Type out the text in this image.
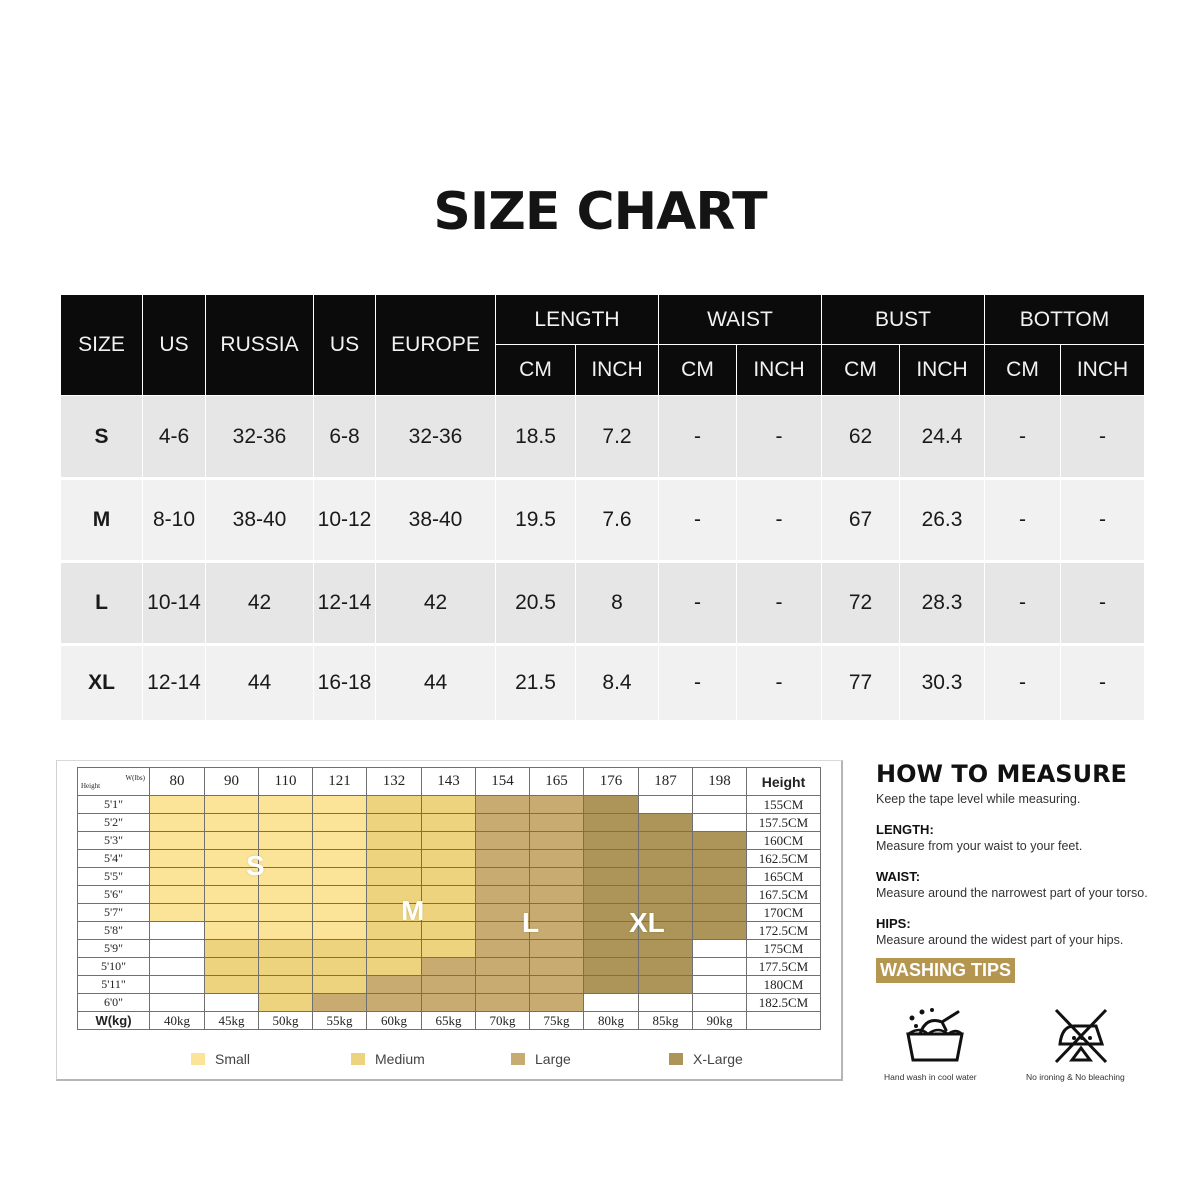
SIZE CHART
SIZE	US	RUSSIA	US	EUROPE	LENGTH		WAIST		BUST		BOTTOM	
					CM	INCH	CM	INCH	CM	INCH	CM	INCH
S	4-6	32-36	6-8	32-36	18.5	7.2	-	-	62	24.4	-	-
M	8-10	38-40	10-12	38-40	19.5	7.6	-	-	67	26.3	-	-
L	10-14	42	12-14	42	20.5	8	-	-	72	28.3	-	-
XL	12-14	44	16-18	44	21.5	8.4	-	-	77	30.3	-	-
W(lbs)
Height	80	90	110	121	132	143	154	165	176	187	198	Height
5'1"												155CM
5'2"												157.5CM
5'3"												160CM
5'4"												162.5CM
5'5"												165CM
5'6"												167.5CM
5'7"												170CM
5'8"												172.5CM
5'9"												175CM
5'10"												177.5CM
5'11"												180CM
6'0"												182.5CM
W(kg)	40kg	45kg	50kg	55kg	60kg	65kg	70kg	75kg	80kg	85kg	90kg	
S
M	L	XL
Small	Medium	Large	X-Large
HOW TO MEASURE
Keep the tape level while measuring.
LENGTH:
Measure from your waist to your feet.
WAIST:
Measure around the narrowest part of your torso.
HIPS:
Measure around the widest part of your hips.
WASHING TIPS
Hand wash in cool water	No ironing & No bleaching
